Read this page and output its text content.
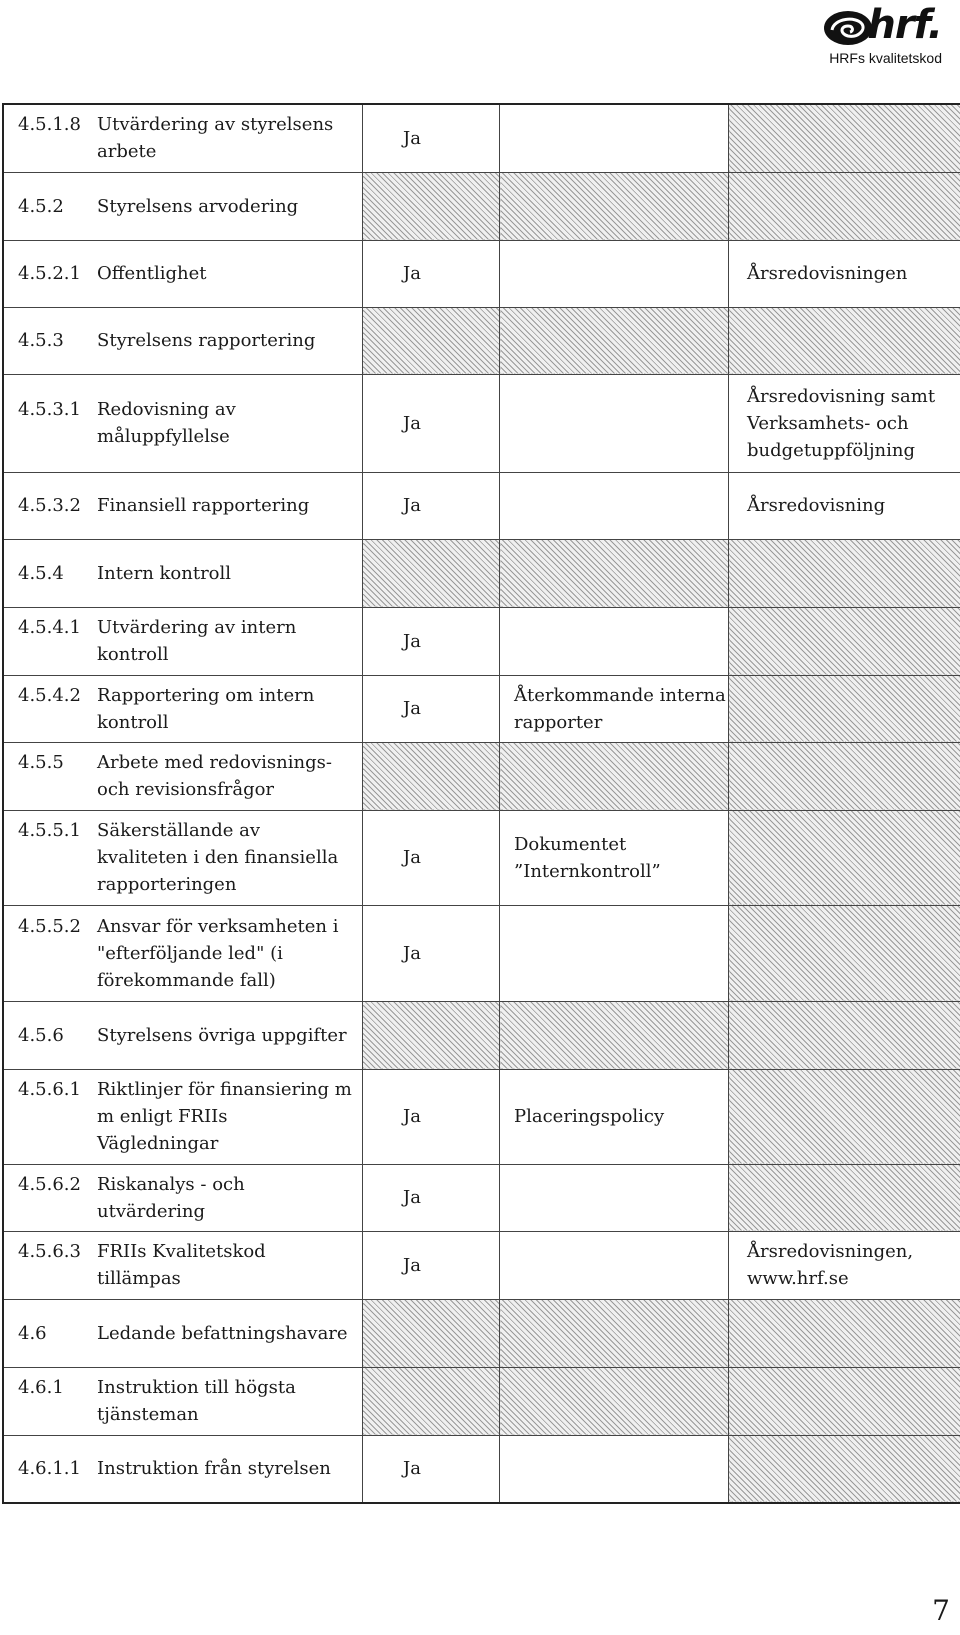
hrf.
HRFs kvalitetskod
4.5.1.8 Utvärdering av styrelsens arbete	Ja		

4.5.2 Styrelsens arvodering			

4.5.2.1 Offentlighet	Ja		Årsredovisningen

4.5.3 Styrelsens rapportering			

4.5.3.1 Redovisning av måluppfyllelse	Ja		Årsredovisning samt Verksamhets- och budgetuppföljning

4.5.3.2 Finansiell rapportering	Ja		Årsredovisning

4.5.4 Intern kontroll			

4.5.4.1 Utvärdering av intern kontroll	Ja		

4.5.4.2 Rapportering om intern kontroll	Ja	Återkommande interna rapporter	

4.5.5 Arbete med redovisnings- och revisionsfrågor			

4.5.5.1 Säkerställande av kvaliteten i den finansiella rapporteringen	Ja	Dokumentet ”Internkontroll”	

4.5.5.2 Ansvar för verksamheten i "efterföljande led" (i förekommande fall)	Ja		

4.5.6 Styrelsens övriga uppgifter			

4.5.6.1 Riktlinjer för finansiering m m enligt FRIIs Vägledningar	Ja	Placeringspolicy	

4.5.6.2 Riskanalys - och utvärdering	Ja		

4.5.6.3 FRIIs Kvalitetskod tillämpas	Ja		Årsredovisningen, www.hrf.se

4.6 Ledande befattningshavare			

4.6.1 Instruktion till högsta tjänsteman			

4.6.1.1 Instruktion från styrelsen	Ja		
7
